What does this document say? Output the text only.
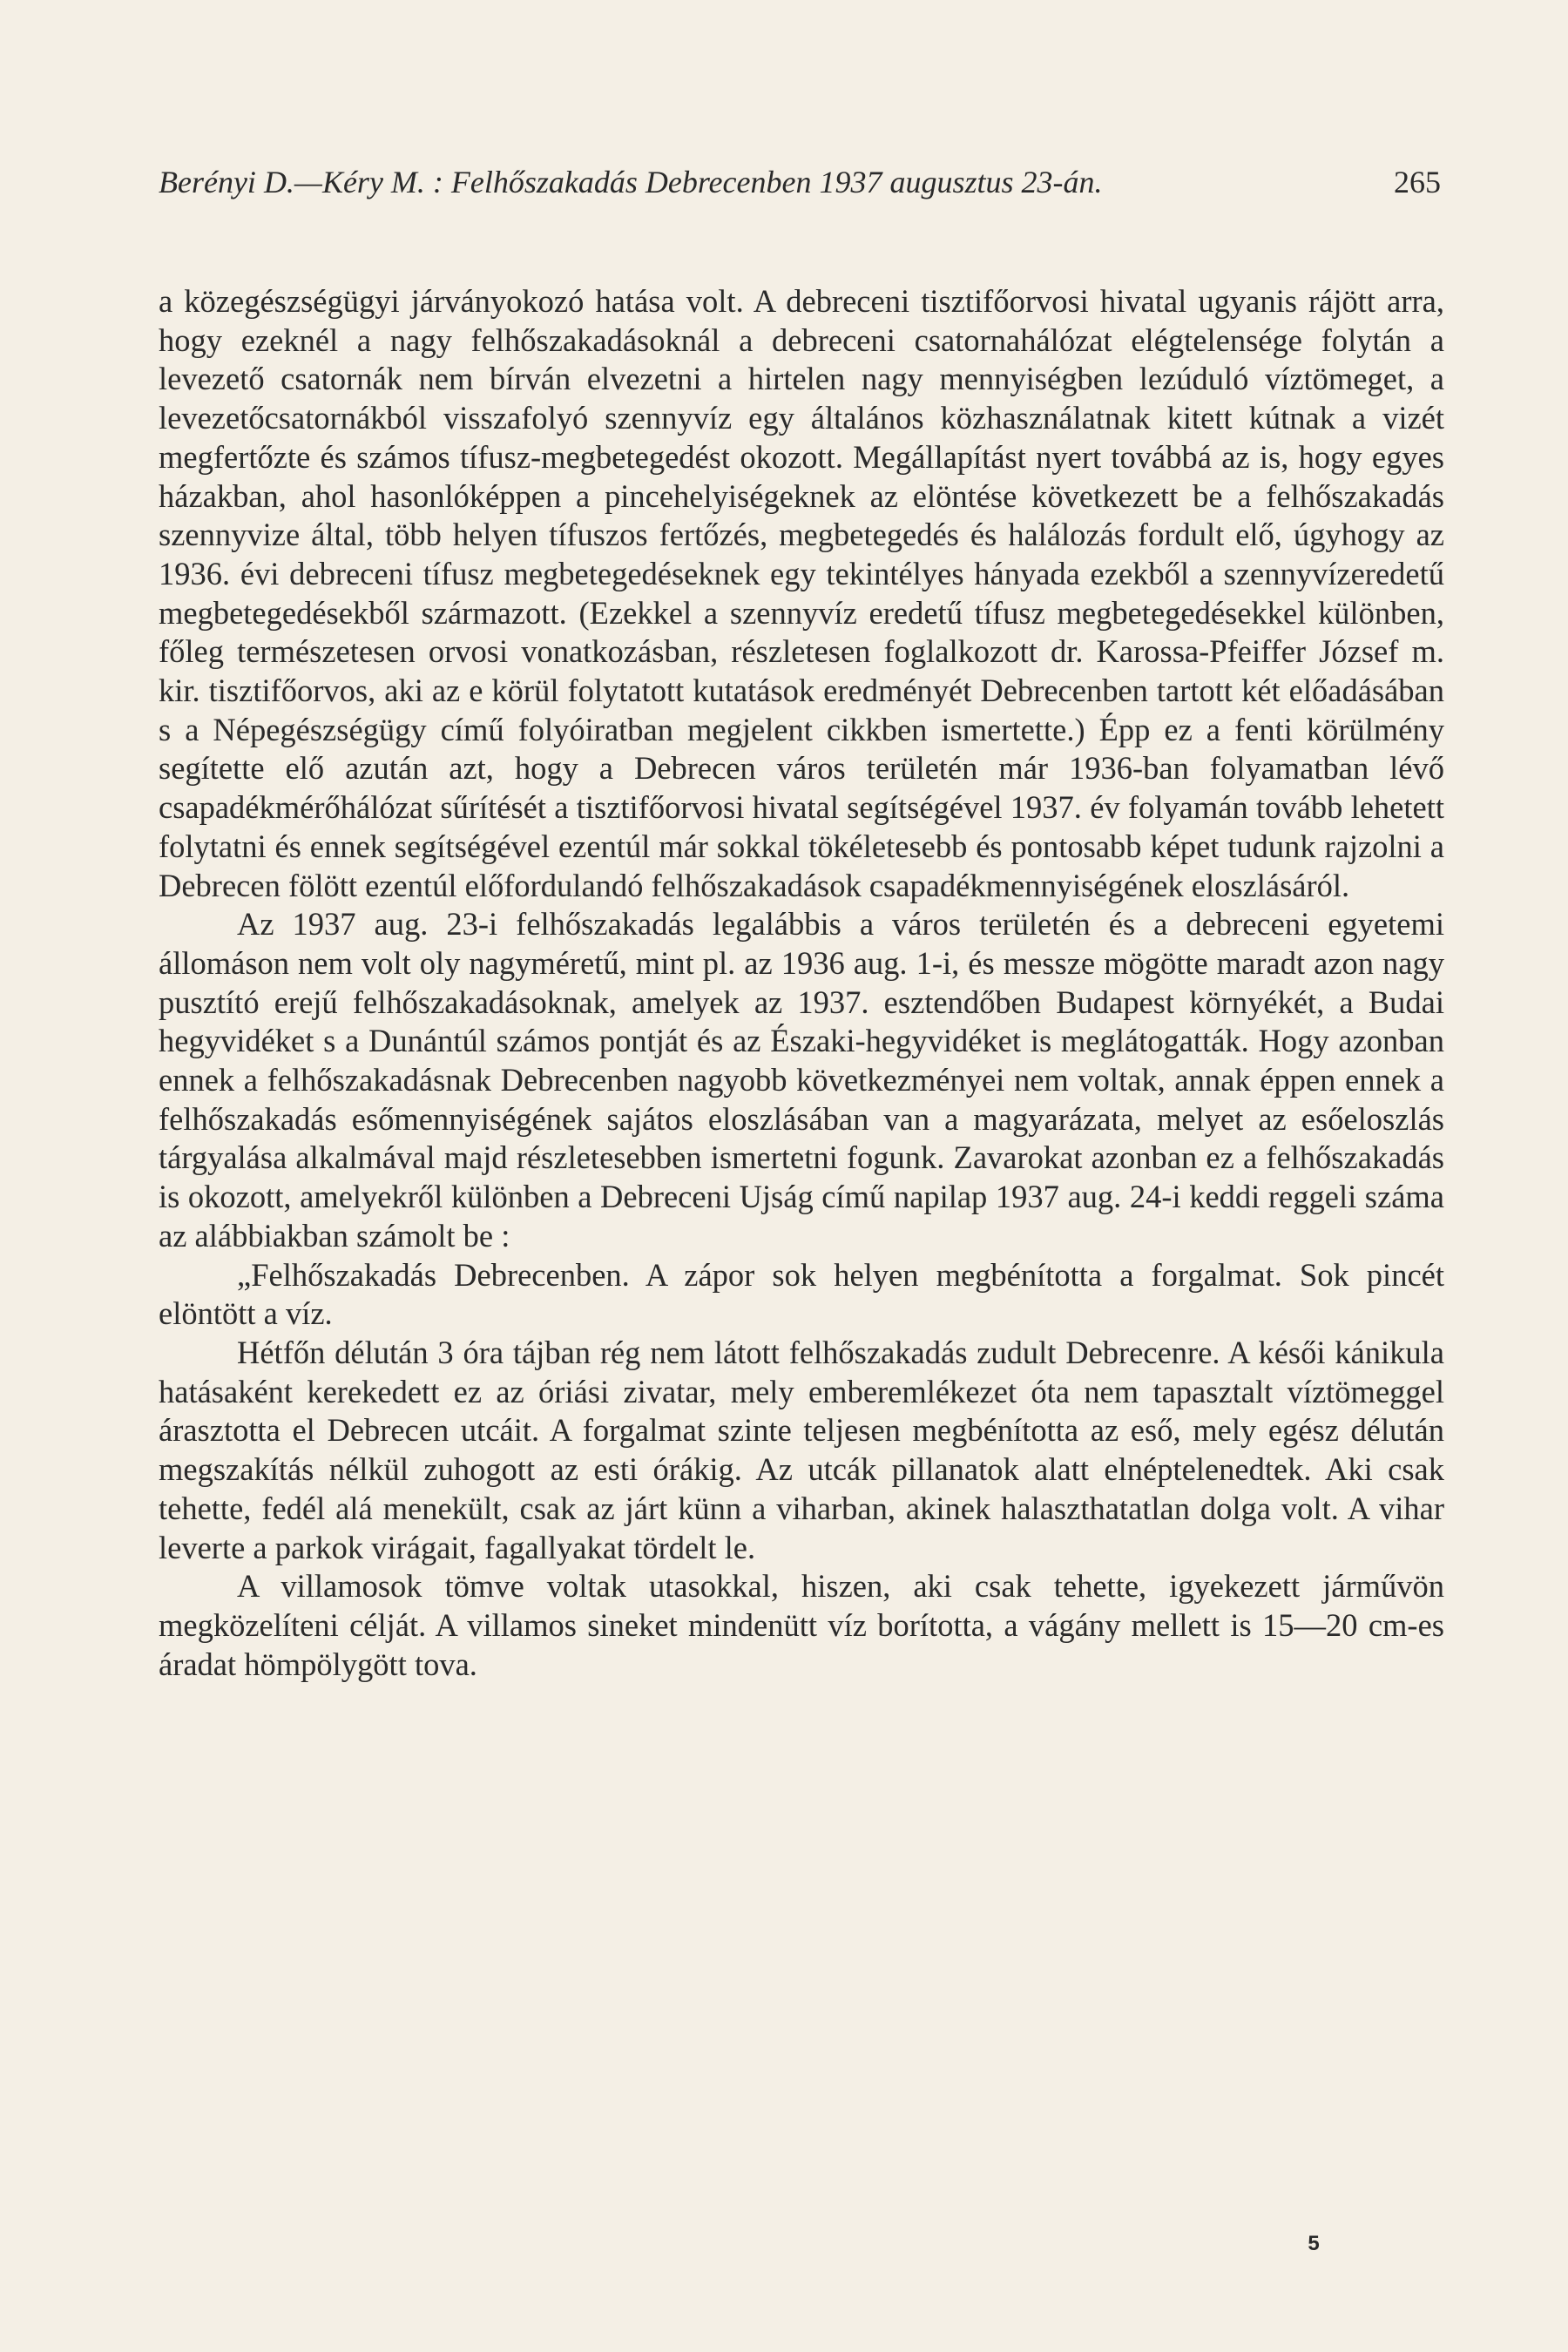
Berényi D.—Kéry M. : Felhőszakadás Debrecenben 1937 augusztus 23-án.	265

a közegészségügyi járványokozó hatása volt. A debreceni tisztifőorvosi hivatal ugyanis rájött arra, hogy ezeknél a nagy felhőszakadásoknál a debreceni csatornahálózat elégtelensége folytán a levezető csatornák nem bírván elvezetni a hirtelen nagy mennyiségben lezúduló víztömeget, a levezetőcsatornákból visszafolyó szennyvíz egy általános közhasználatnak kitett kútnak a vizét megfertőzte és számos tífusz-megbetegedést okozott. Megállapítást nyert továbbá az is, hogy egyes házakban, ahol hasonlóképpen a pincehelyiségeknek az elöntése következett be a felhőszakadás szennyvize által, több helyen tífuszos fertőzés, megbetegedés és halálozás fordult elő, úgyhogy az 1936. évi debreceni tífusz megbetegedéseknek egy tekintélyes hányada ezekből a szennyvízeredetű megbetegedésekből származott. (Ezekkel a szennyvíz eredetű tífusz megbetegedésekkel különben, főleg természetesen orvosi vonatkozásban, részletesen foglalkozott dr. Karossa-Pfeiffer József m. kir. tisztifőorvos, aki az e körül folytatott kutatások eredményét Debrecenben tartott két előadásában s a Népegészségügy című folyóiratban megjelent cikkben ismertette.) Épp ez a fenti körülmény segítette elő azután azt, hogy a Debrecen város területén már 1936-ban folyamatban lévő csapadékmérőhálózat sűrítését a tisztifőorvosi hivatal segítségével 1937. év folyamán tovább lehetett folytatni és ennek segítségével ezentúl már sokkal tökéletesebb és pontosabb képet tudunk rajzolni a Debrecen fölött ezentúl előfordulandó felhőszakadások csapadékmennyiségének eloszlásáról.

Az 1937 aug. 23-i felhőszakadás legalábbis a város területén és a debreceni egyetemi állomáson nem volt oly nagyméretű, mint pl. az 1936 aug. 1-i, és messze mögötte maradt azon nagy pusztító erejű felhőszakadásoknak, amelyek az 1937. esztendőben Budapest környékét, a Budai hegyvidéket s a Dunántúl számos pontját és az Északi-hegyvidéket is meglátogatták. Hogy azonban ennek a felhőszakadásnak Debrecenben nagyobb következményei nem voltak, annak éppen ennek a felhőszakadás esőmennyiségének sajátos eloszlásában van a magyarázata, melyet az esőeloszlás tárgyalása alkalmával majd részletesebben ismertetni fogunk. Zavarokat azonban ez a felhőszakadás is okozott, amelyekről különben a Debreceni Ujság című napilap 1937 aug. 24-i keddi reggeli száma az alábbiakban számolt be :

„Felhőszakadás Debrecenben. A zápor sok helyen megbénította a forgalmat. Sok pincét elöntött a víz.

Hétfőn délután 3 óra tájban rég nem látott felhőszakadás zudult Debrecenre. A késői kánikula hatásaként kerekedett ez az óriási zivatar, mely emberemlékezet óta nem tapasztalt víztömeggel árasztotta el Debrecen utcáit. A forgalmat szinte teljesen megbénította az eső, mely egész délután megszakítás nélkül zuhogott az esti órákig. Az utcák pillanatok alatt elnéptelenedtek. Aki csak tehette, fedél alá menekült, csak az járt künn a viharban, akinek halaszthatatlan dolga volt. A vihar leverte a parkok virágait, fagallyakat tördelt le.

A villamosok tömve voltak utasokkal, hiszen, aki csak tehette, igyekezett járművön megközelíteni célját. A villamos sineket mindenütt víz borította, a vágány mellett is 15—20 cm-es áradat hömpölygött tova.

5
